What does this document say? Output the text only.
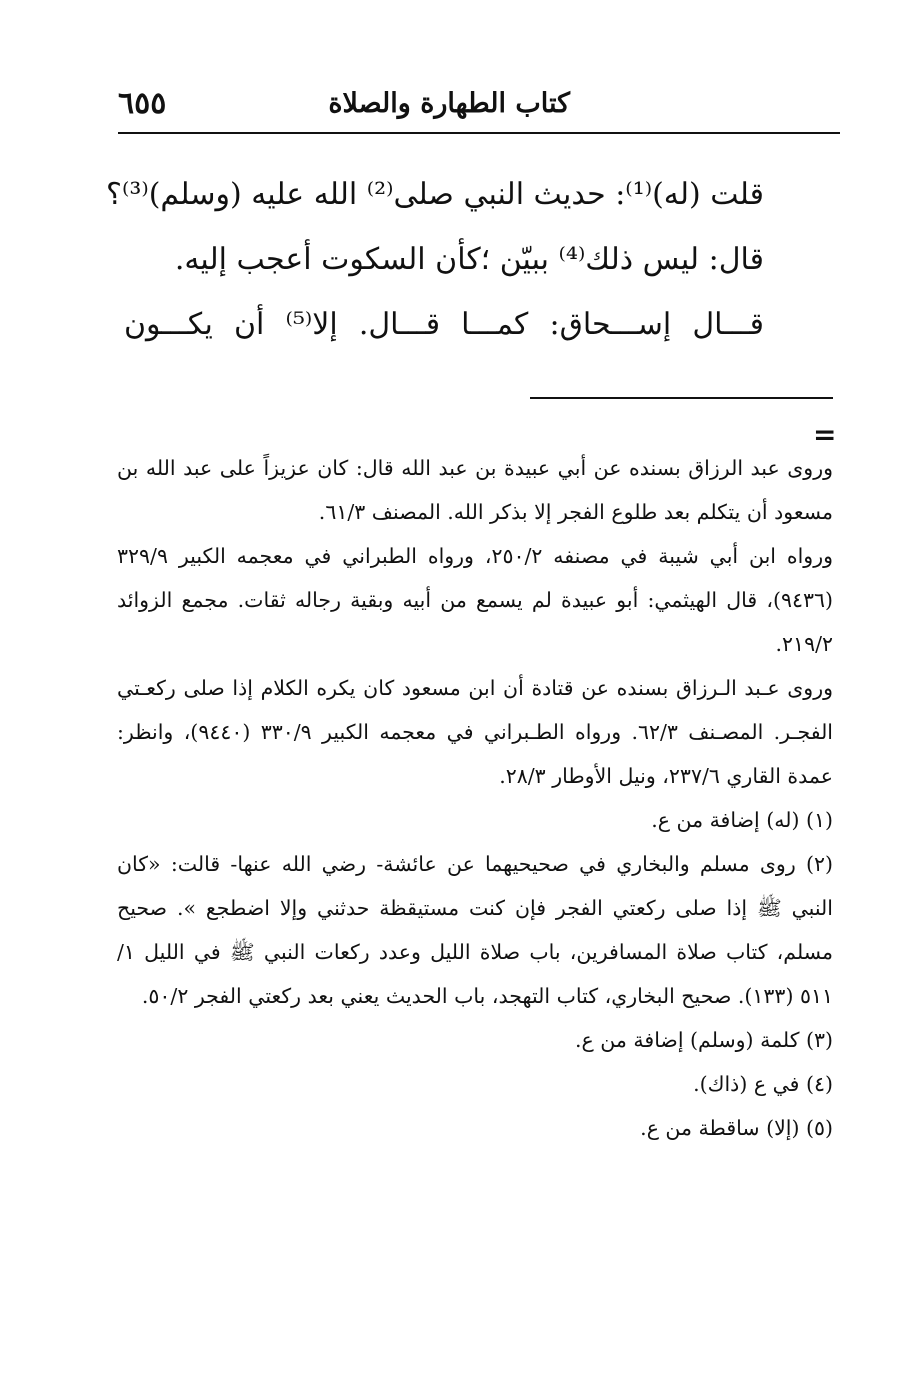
كتاب الطهارة والصلاة
٦٥٥
قلت (له)⁽¹⁾: حديث النبي صلى⁽²⁾ الله عليه (وسلم)⁽³⁾؟
قال: ليس ذلك⁽⁴⁾ ببيّن ؛كأن السكوت أعجب إليه.
قـــال إســـحاق: كمـــا قـــال. إلا⁽⁵⁾ أن يكـــون
=

وروى عبد الرزاق بسنده عن أبي عبيدة بن عبد الله قال: كان عزيزاً على عبد الله بن مسعود أن يتكلم بعد طلوع الفجر إلا بذكر الله. المصنف ٦١/٣.

ورواه ابن أبي شيبة في مصنفه ٢٥٠/٢، ورواه الطبراني في معجمه الكبير ٣٢٩/٩ (٩٤٣٦)، قال الهيثمي: أبو عبيدة لم يسمع من أبيه وبقية رجاله ثقات. مجمع الزوائد ٢١٩/٢.

وروى عـبد الـرزاق بسنده عن قتادة أن ابن مسعود كان يكره الكلام إذا صلى ركعـتي الفجـر. المصـنف ٦٢/٣. ورواه الطـبراني في معجمه الكبير ٣٣٠/٩ (٩٤٤٠)، وانظر: عمدة القاري ٢٣٧/٦، ونيل الأوطار ٢٨/٣.

(١) (له) إضافة من ع.

(٢) روى مسلم والبخاري في صحيحيهما عن عائشة- رضي الله عنها- قالت: «كان النبي ﷺ إذا صلى ركعتي الفجر فإن كنت مستيقظة حدثني وإلا اضطجع ». صحيح مسلم، كتاب صلاة المسافرين، باب صلاة الليل وعدد ركعات النبي ﷺ في الليل ١/ ٥١١ (١٣٣). صحيح البخاري، كتاب التهجد، باب الحديث يعني بعد ركعتي الفجر ٥٠/٢.

(٣) كلمة (وسلم) إضافة من ع.

(٤) في ع (ذاك).

(٥) (إلا) ساقطة من ع.
